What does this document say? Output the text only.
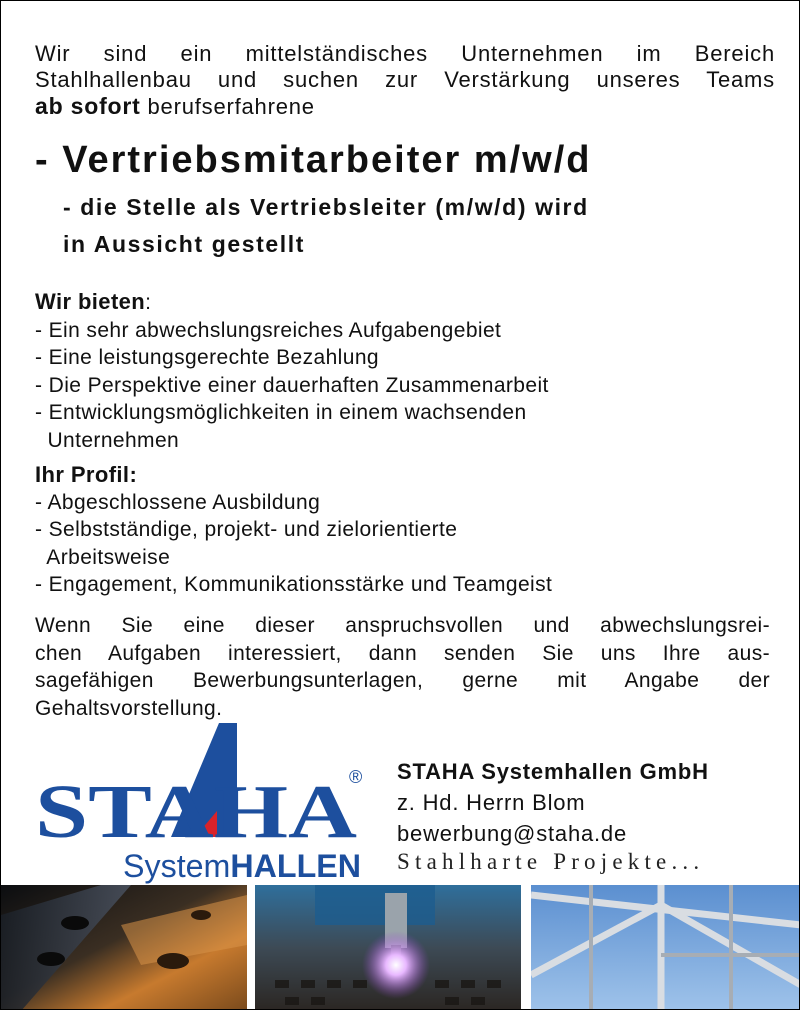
Wir sind ein mittelständisches Unternehmen im Bereich
Stahlhallenbau und suchen zur Verstärkung unseres Teams
ab sofort berufserfahrene
- Vertriebsmitarbeiter m/w/d
- die Stelle als Vertriebsleiter (m/w/d) wird
in Aussicht gestellt
Wir bieten:
- Ein sehr abwechslungsreiches Aufgabengebiet
- Eine leistungsgerechte Bezahlung
- Die Perspektive einer dauerhaften Zusammenarbeit
- Entwicklungsmöglichkeiten in einem wachsenden
Unternehmen
Ihr Profil:
- Abgeschlossene Ausbildung
- Selbstständige, projekt- und zielorientierte
Arbeitsweise
- Engagement, Kommunikationsstärke und Teamgeist
Wenn Sie eine dieser anspruchsvollen und abwechslungsrei-
chen Aufgaben interessiert, dann senden Sie uns Ihre aus-
sagefähigen Bewerbungsunterlagen, gerne mit Angabe der
Gehaltsvorstellung.
STAHA
®
SystemHALLEN
STAHA Systemhallen GmbH
z. Hd. Herrn Blom
bewerbung@staha.de
Stahlharte Projekte...
